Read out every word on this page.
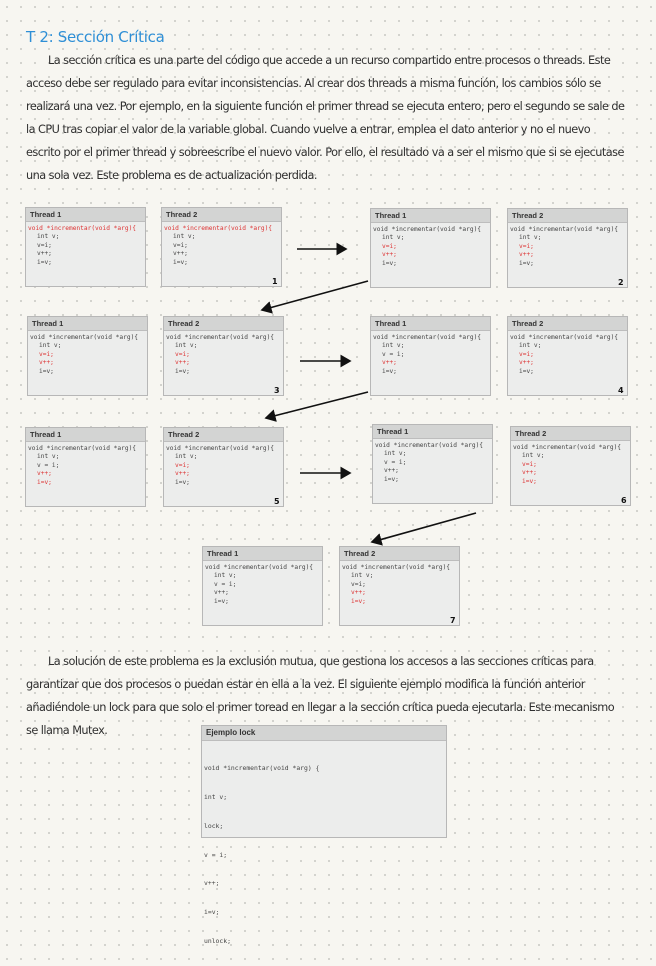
T 2: Sección Crítica

La sección crítica es una parte del código que accede a un recurso compartido entre procesos o threads. Este acceso debe ser regulado para evitar inconsistencias. Al crear dos threads a misma función, los cambios sólo se realizará una vez. Por ejemplo, en la siguiente función el primer thread se ejecuta entero, pero el segundo se sale de la CPU tras copiar el valor de la variable global. Cuando vuelve a entrar, emplea el dato anterior y no el nuevo escrito por el primer thread y sobreescribe el nuevo valor. Por ello, el resultado va a ser el mismo que si se ejecutase una sola vez. Este problema es de actualización perdida.

Thread 1
void *incrementar(void *arg){
int v;
v=i;
v++;
i=v;
Thread 2
void *incrementar(void *arg){
int v;
v=i;
v++;
i=v;
1
Thread 1
void *incrementar(void *arg){
int v;
v=i;
v++;
i=v;
Thread 2
void *incrementar(void *arg){
int v;
v=i;
v++;
i=v;
2
Thread 1
void *incrementar(void *arg){
int v;
v=i;
v++;
i=v;
Thread 2
void *incrementar(void *arg){
int v;
v=i;
v++;
i=v;
3
Thread 1
void *incrementar(void *arg){
int v;
v = i;
v++;
i=v;
Thread 2
void *incrementar(void *arg){
int v;
v=i;
v++;
i=v;
4
Thread 1
void *incrementar(void *arg){
int v;
v = i;
v++;
i=v;
Thread 2
void *incrementar(void *arg){
int v;
v=i;
v++;
i=v;
5
Thread 1
void *incrementar(void *arg){
int v;
v = i;
v++;
i=v;
Thread 2
void *incrementar(void *arg){
int v;
v=i;
v++;
i=v;
6
Thread 1
void *incrementar(void *arg){
int v;
v = i;
v++;
i=v;
Thread 2
void *incrementar(void *arg){
int v;
v=i;
v++;
i=v;
7

La solución de este problema es la exclusión mutua, que gestiona los accesos a las secciones críticas para garantizar que dos procesos o puedan estar en ella a la vez. El siguiente ejemplo modifica la función anterior añadiéndole un lock para que solo el primer toread en llegar a la sección crítica pueda ejecutarla. Este mecanismo se llama Mutex.	Ejemplo lock

void *incrementar(void *arg) {

int v;

lock;

v = i;

v++;

i=v;

unlock;
